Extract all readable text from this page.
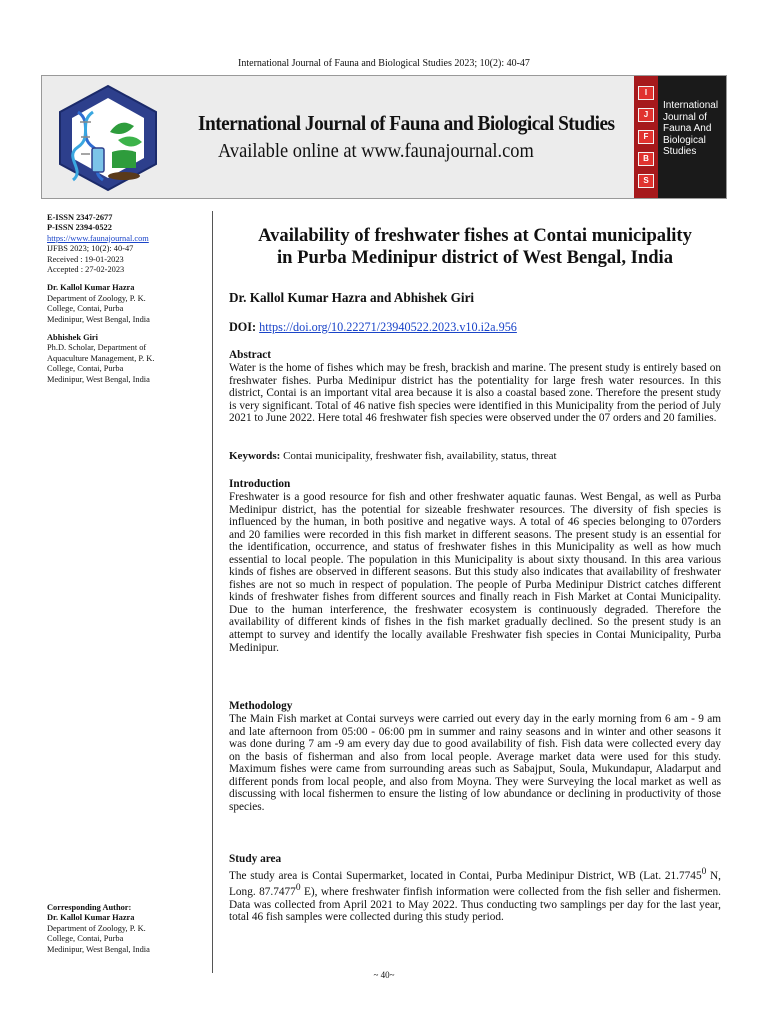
International Journal of Fauna and Biological Studies 2023; 10(2): 40-47
International Journal of Fauna and Biological Studies
Available online at www.faunajournal.com
I
J
F
B
S
International
Journal of
Fauna And
Biological
Studies
E-ISSN 2347-2677
P-ISSN 2394-0522
https://www.faunajournal.com
IJFBS 2023; 10(2): 40-47
Received : 19-01-2023
Accepted : 27-02-2023
Dr. Kallol Kumar Hazra
Department of Zoology, P. K.
College, Contai, Purba
Medinipur, West Bengal, India
Abhishek Giri
Ph.D. Scholar, Department of
Aquaculture Management, P. K.
College, Contai, Purba
Medinipur, West Bengal, India
Corresponding Author:
Dr. Kallol Kumar Hazra
Department of Zoology, P. K.
College, Contai, Purba
Medinipur, West Bengal, India
Availability of freshwater fishes at Contai municipality
in Purba Medinipur district of West Bengal, India
Dr. Kallol Kumar Hazra and Abhishek Giri
DOI: https://doi.org/10.22271/23940522.2023.v10.i2a.956
Abstract
Water is the home of fishes which may be fresh, brackish and marine. The present study is entirely based on freshwater fishes. Purba Medinipur district has the potentiality for large fresh water resources. In this district, Contai is an important vital area because it is also a coastal based zone. Therefore the present study is very significant. Total of 46 native fish species were identified in this Municipality from the period of July 2021 to June 2022. Here total 46 freshwater fish species were observed under the 07 orders and 20 families.
Keywords: Contai municipality, freshwater fish, availability, status, threat
Introduction
Freshwater is a good resource for fish and other freshwater aquatic faunas. West Bengal, as well as Purba Medinipur district, has the potential for sizeable freshwater resources. The diversity of fish species is influenced by the human, in both positive and negative ways. A total of 46 species belonging to 07orders and 20 families were recorded in this fish market in different seasons. The present study is an essential for the identification, occurrence, and status of freshwater fishes in this Municipality as well as how much essential to local people. The population in this Municipality is about sixty thousand. In this area various kinds of fishes are observed in different seasons. But this study also indicates that availability of freshwater fishes are not so much in respect of population. The people of Purba Medinipur District catches different kinds of freshwater fishes from different sources and finally reach in Fish Market at Contai Municipality. Due to the human interference, the freshwater ecosystem is continuously degraded. Therefore the availability of different kinds of fishes in the fish market gradually declined. So the present study is an attempt to survey and identify the locally available Freshwater fish species in Contai Municipality, Purba Medinipur.
Methodology
The Main Fish market at Contai surveys were carried out every day in the early morning from 6 am - 9 am and late afternoon from 05:00 - 06:00 pm in summer and rainy seasons and in winter and other seasons it was done during 7 am -9 am every day due to good availability of fish. Fish data were collected every day on the basis of fisherman and also from local people. Average market data were used for this study. Maximum fishes were came from surrounding areas such as Sabajput, Soula, Mukundapur, Aladarput and different ponds from local people, and also from Moyna. They were Surveying the local market as well as discussing with local fishermen to ensure the listing of low abundance or declining in productivity of those species.
Study area
The study area is Contai Supermarket, located in Contai, Purba Medinipur District, WB (Lat. 21.7745$^0$ N, Long. 87.7477$^0$ E), where freshwater finfish information were collected from the fish seller and fishermen. Data was collected from April 2021 to May 2022. Thus conducting two samplings per day for the last year, total 46 fish samples were collected during this study period.
~ 40~
